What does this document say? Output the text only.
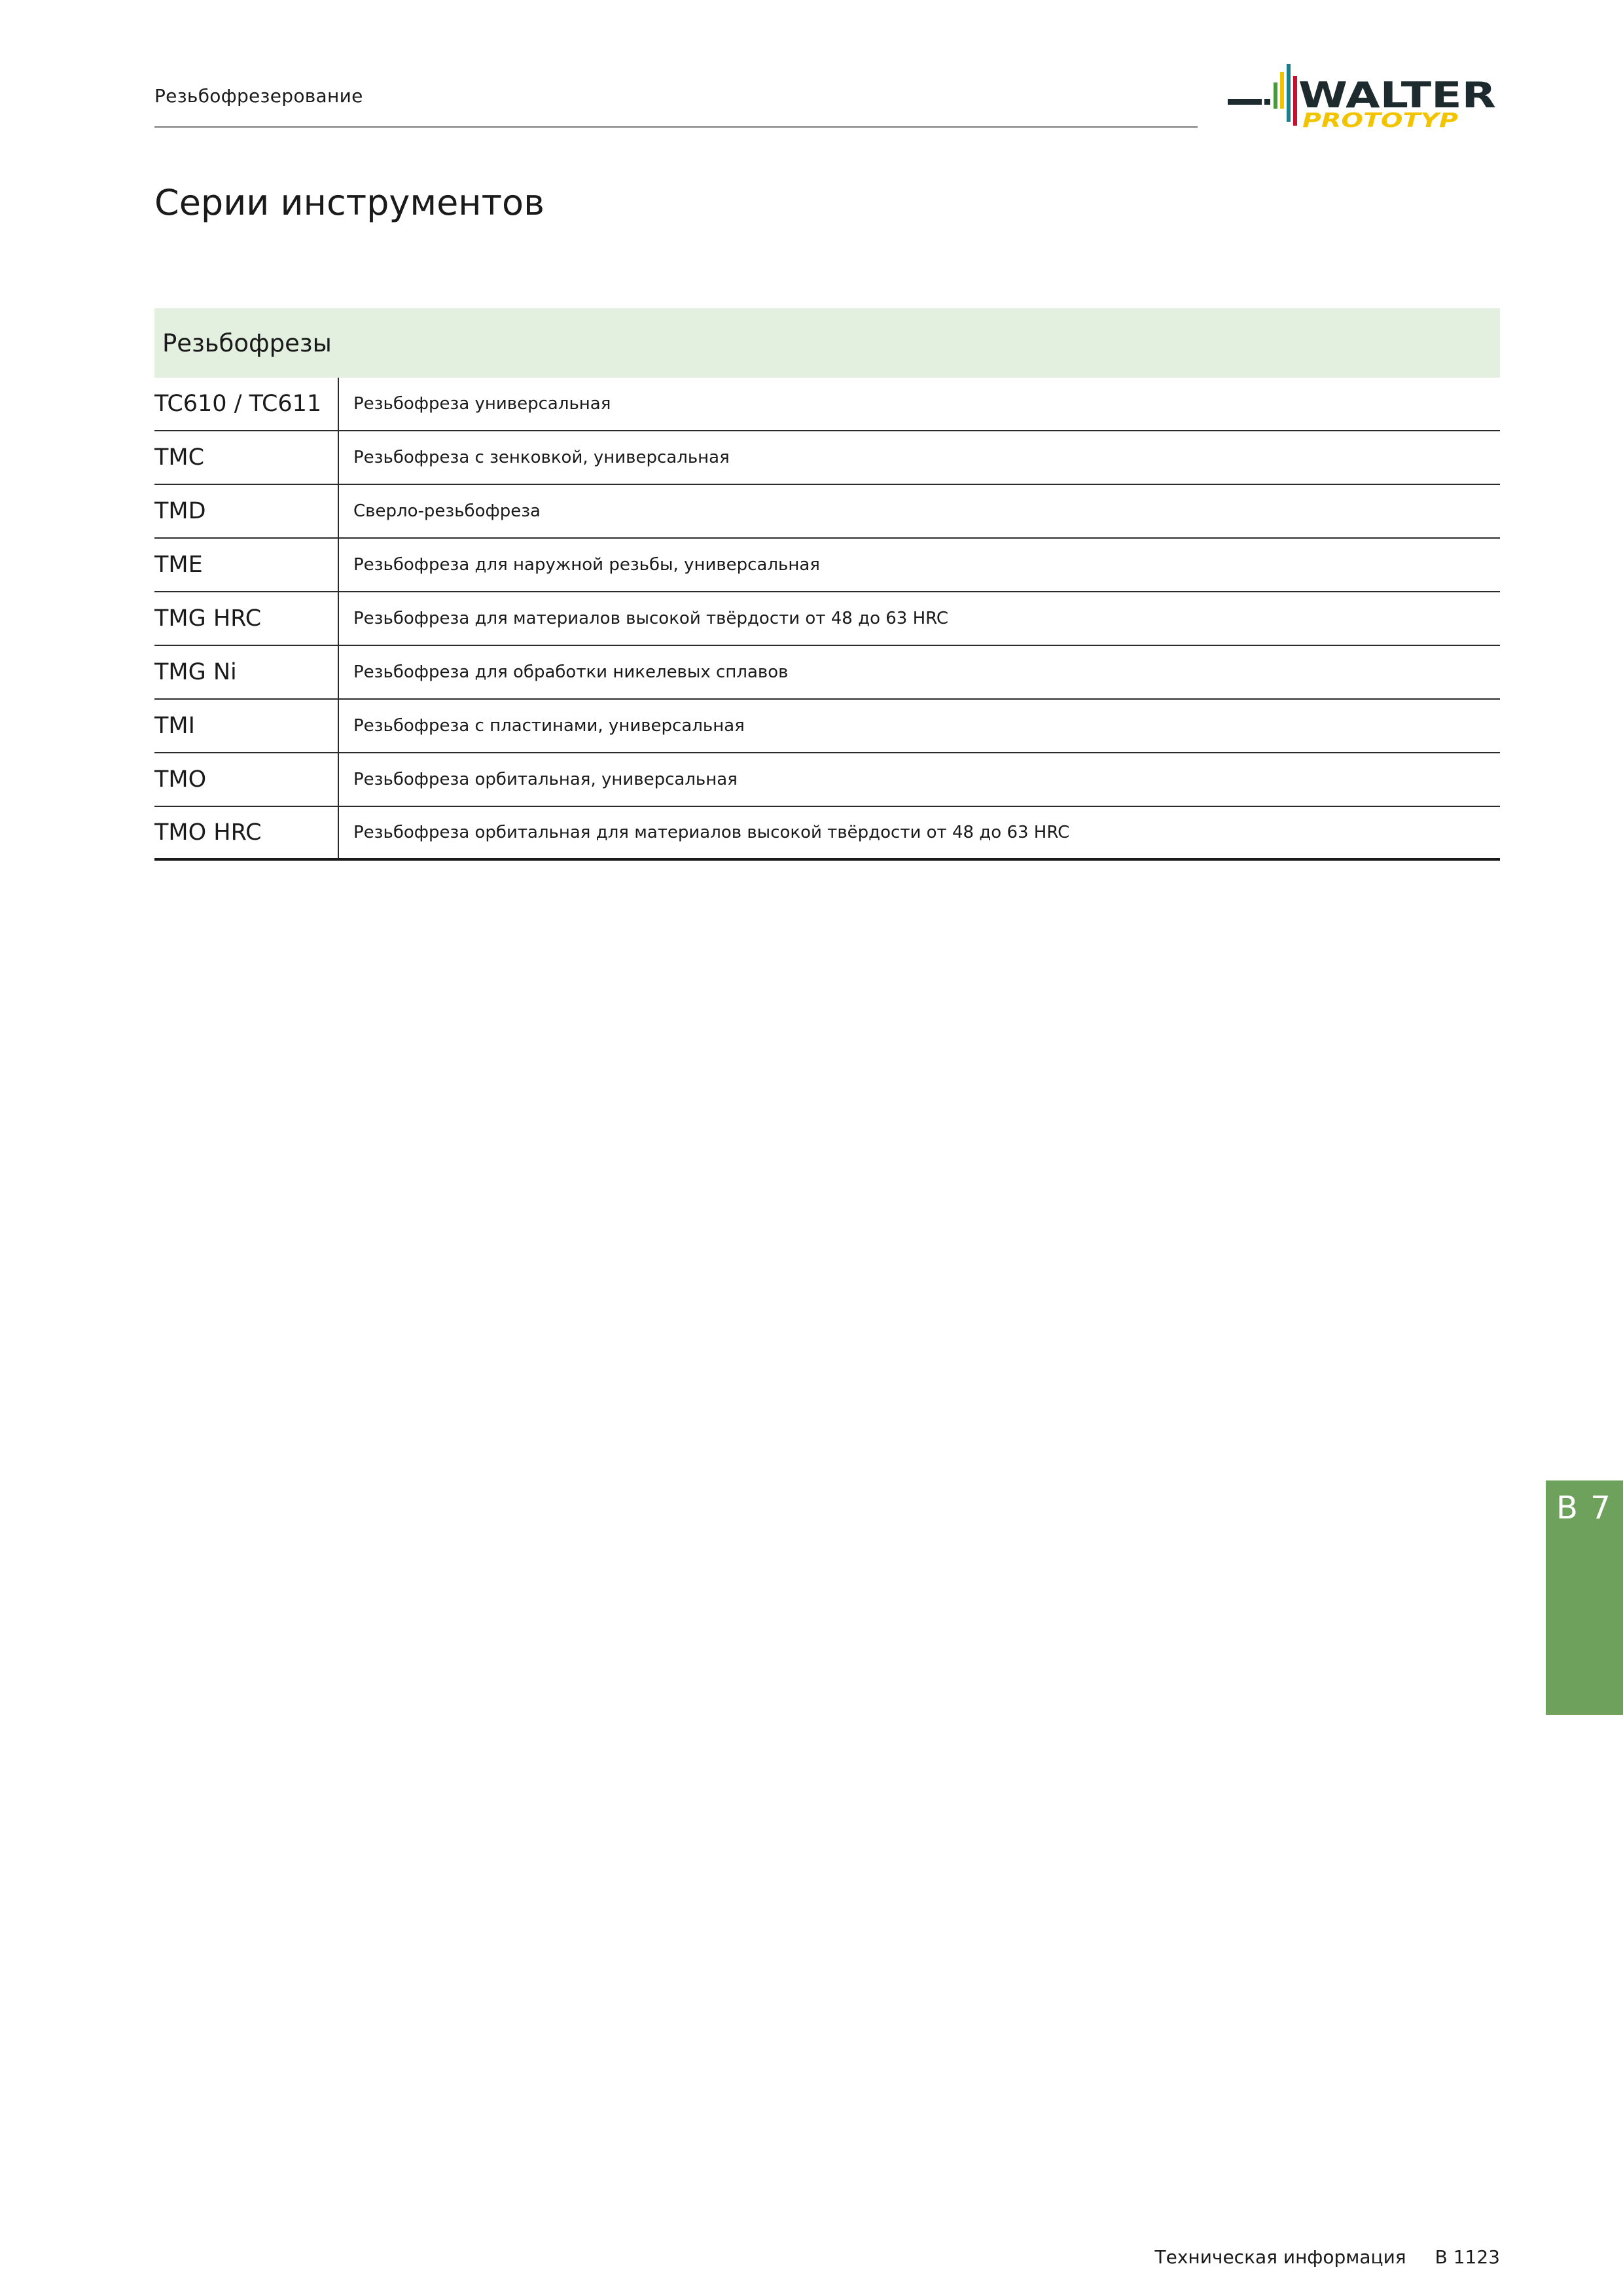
Резьбофрезерование	WALTER
PROTOTYP
Серии инструментов
Резьбофрезы
TC610 / TC611	Резьбофреза универсальная
TMC	Резьбофреза с зенковкой, универсальная
TMD	Сверло-резьбофреза
TME	Резьбофреза для наружной резьбы, универсальная
TMG HRC	Резьбофреза для материалов высокой твёрдости от 48 до 63 HRC
TMG Ni	Резьбофреза для обработки никелевых сплавов
TMI	Резьбофреза с пластинами, универсальная
TMO	Резьбофреза орбитальная, универсальная
TMO HRC	Резьбофреза орбитальная для материалов высокой твёрдости от 48 до 63 HRC
B 7
Техническая информация B 1123
